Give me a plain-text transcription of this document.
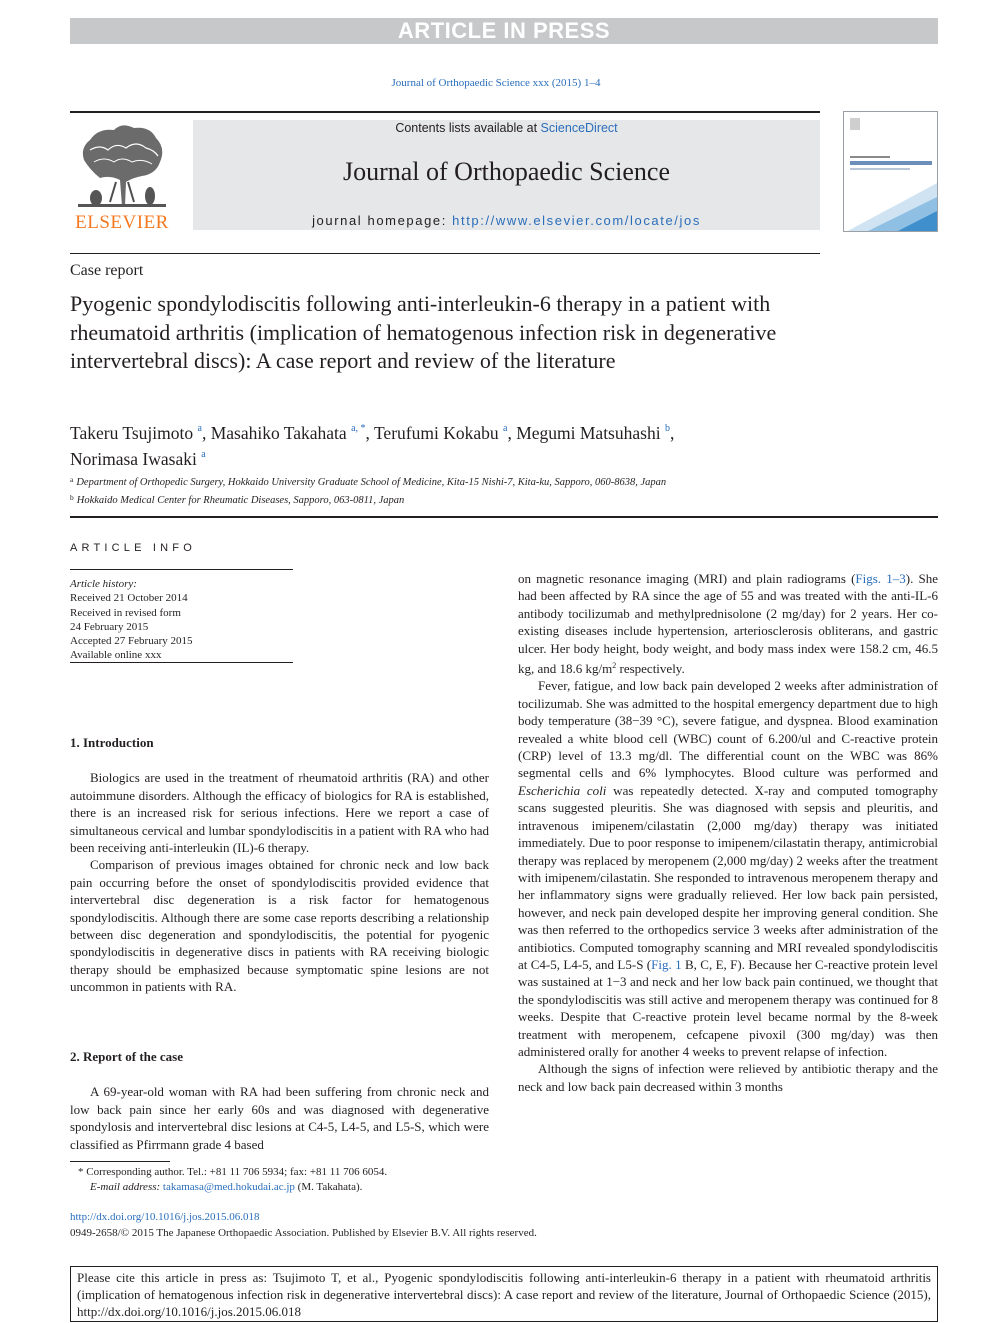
ARTICLE IN PRESS
Journal of Orthopaedic Science xxx (2015) 1–4
ELSEVIER
Contents lists available at ScienceDirect
Journal of Orthopaedic Science
journal homepage: http://www.elsevier.com/locate/jos
Case report
Pyogenic spondylodiscitis following anti-interleukin-6 therapy in a patient with rheumatoid arthritis (implication of hematogenous infection risk in degenerative intervertebral discs): A case report and review of the literature
Takeru Tsujimoto $^a$, Masahiko Takahata $^{a, *}$, Terufumi Kokabu $^a$, Megumi Matsuhashi $^b$,
Norimasa Iwasaki $^a$
$^a$ Department of Orthopedic Surgery, Hokkaido University Graduate School of Medicine, Kita-15 Nishi-7, Kita-ku, Sapporo, 060-8638, Japan
$^b$ Hokkaido Medical Center for Rheumatic Diseases, Sapporo, 063-0811, Japan
ARTICLE INFO
Article history:
Received 21 October 2014
Received in revised form
24 February 2015
Accepted 27 February 2015
Available online xxx
1. Introduction

Biologics are used in the treatment of rheumatoid arthritis (RA) and other autoimmune disorders. Although the efficacy of biologics for RA is established, there is an increased risk for serious infections. Here we report a case of simultaneous cervical and lumbar spondylodiscitis in a patient with RA who had been receiving anti-interleukin (IL)-6 therapy.

Comparison of previous images obtained for chronic neck and low back pain occurring before the onset of spondylodiscitis provided evidence that intervertebral disc degeneration is a risk factor for hematogenous spondylodiscitis. Although there are some case reports describing a relationship between disc degeneration and spondylodiscitis, the potential for pyogenic spondylodiscitis in degenerative discs in patients with RA receiving biologic therapy should be emphasized because symptomatic spine lesions are not uncommon in patients with RA.

2. Report of the case

A 69-year-old woman with RA had been suffering from chronic neck and low back pain since her early 60s and was diagnosed with degenerative spondylosis and intervertebral disc lesions at C4-5, L4-5, and L5-S, which were classified as Pfirrmann grade 4 based

on magnetic resonance imaging (MRI) and plain radiograms (Figs. 1–3). She had been affected by RA since the age of 55 and was treated with the anti-IL-6 antibody tocilizumab and methylprednisolone (2 mg/day) for 2 years. Her co-existing diseases include hypertension, arteriosclerosis obliterans, and gastric ulcer. Her body height, body weight, and body mass index were 158.2 cm, 46.5 kg, and 18.6 $kg/m^2$ respectively.

Fever, fatigue, and low back pain developed 2 weeks after administration of tocilizumab. She was admitted to the hospital emergency department due to high body temperature (38−39 °C), severe fatigue, and dyspnea. Blood examination revealed a white blood cell (WBC) count of 6.200/ul and C-reactive protein (CRP) level of 13.3 mg/dl. The differential count on the WBC was 86% segmental cells and 6% lymphocytes. Blood culture was performed and Escherichia coli was repeatedly detected. X-ray and computed tomography scans suggested pleuritis. She was diagnosed with sepsis and pleuritis, and intravenous imipenem/cilastatin (2,000 mg/day) therapy was initiated immediately. Due to poor response to imipenem/cilastatin therapy, antimicrobial therapy was replaced by meropenem (2,000 mg/day) 2 weeks after the treatment with imipenem/cilastatin. She responded to intravenous meropenem therapy and her inflammatory signs were gradually relieved. Her low back pain persisted, however, and neck pain developed despite her improving general condition. She was then referred to the orthopedics service 3 weeks after administration of the antibiotics. Computed tomography scanning and MRI revealed spondylodiscitis at C4-5, L4-5, and L5-S (Fig. 1 B, C, E, F). Because her C-reactive protein level was sustained at 1−3 and neck and her low back pain continued, we thought that the spondylodiscitis was still active and meropenem therapy was continued for 8 weeks. Despite that C-reactive protein level became normal by the 8-week treatment with meropenem, cefcapene pivoxil (300 mg/day) was then administered orally for another 4 weeks to prevent relapse of infection.

Although the signs of infection were relieved by antibiotic therapy and the neck and low back pain decreased within 3 months

* Corresponding author. Tel.: +81 11 706 5934; fax: +81 11 706 6054.
E-mail address: takamasa@med.hokudai.ac.jp (M. Takahata).
http://dx.doi.org/10.1016/j.jos.2015.06.018
0949-2658/© 2015 The Japanese Orthopaedic Association. Published by Elsevier B.V. All rights reserved.
Please cite this article in press as: Tsujimoto T, et al., Pyogenic spondylodiscitis following anti-interleukin-6 therapy in a patient with rheumatoid arthritis (implication of hematogenous infection risk in degenerative intervertebral discs): A case report and review of the literature, Journal of Orthopaedic Science (2015), http://dx.doi.org/10.1016/j.jos.2015.06.018
